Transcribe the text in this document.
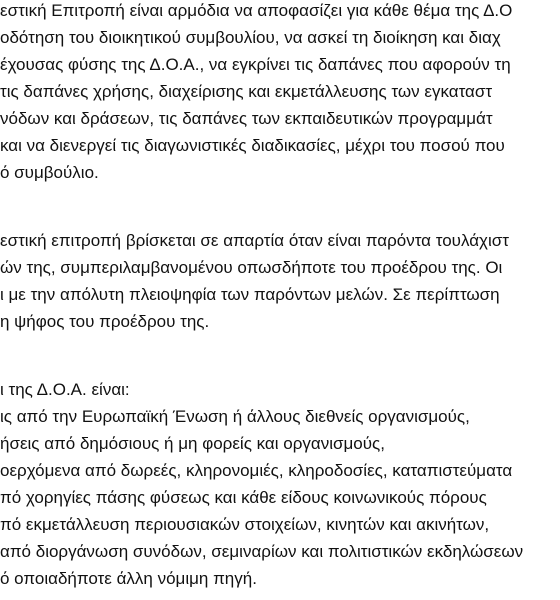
εστική Επιτροπή είναι αρμόδια να αποφασίζει για κάθε θέμα της Δ.Ο
οδότηση του διοικητικού συμβουλίου, να ασκεί τη διοίκηση και διαχ
έχουσας φύσης της Δ.Ο.Α., να εγκρίνει τις δαπάνες που αφορούν τη
τις δαπάνες χρήσης, διαχείρισης και εκμετάλλευσης των εγκαταστ
νόδων και δράσεων, τις δαπάνες των εκπαιδευτικών προγραμμάτ
και να διενεργεί τις διαγωνιστικές διαδικασίες, μέχρι του ποσού που
ό συμβούλιο.
εστική επιτροπή βρίσκεται σε απαρτία όταν είναι παρόντα τουλάχιστ
ών της, συμπεριλαμβανομένου οπωσδήποτε του προέδρου της. Οι
ι με την απόλυτη πλειοψηφία των παρόντων μελών. Σε περίπτωση
η ψήφος του προέδρου της.
ι της Δ.Ο.Α. είναι:
ις από την Ευρωπαϊκή Ένωση ή άλλους διεθνείς οργανισμούς,
ήσεις από δημόσιους ή μη φορείς και οργανισμούς,
οερχόμενα από δωρεές, κληρονομιές, κληροδοσίες, καταπιστεύματα
πό χορηγίες πάσης φύσεως και κάθε είδους κοινωνικούς πόρους
πό εκμετάλλευση περιουσιακών στοιχείων, κινητών και ακινήτων,
από διοργάνωση συνόδων, σεμιναρίων και πολιτιστικών εκδηλώσεων
ό οποιαδήποτε άλλη νόμιμη πηγή.
